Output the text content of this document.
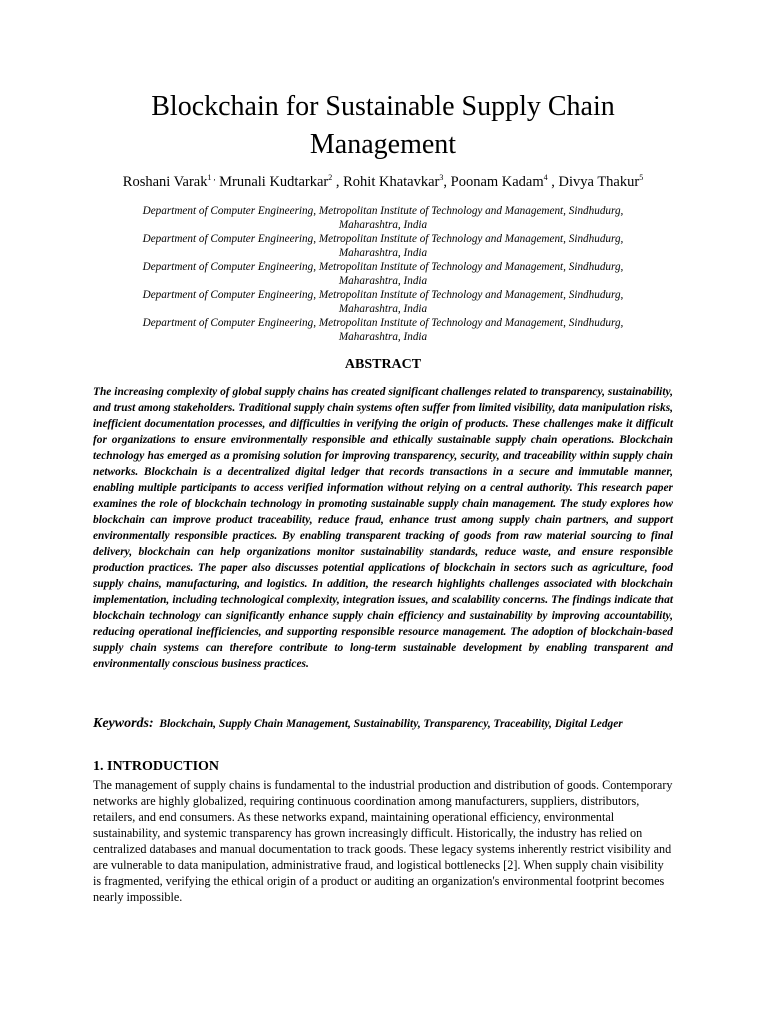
Blockchain for Sustainable Supply Chain Management
Roshani Varak$^{1 ,}$ Mrunali Kudtarkar$^2$ , Rohit Khatavkar$^3$, Poonam Kadam$^4$ , Divya Thakur$^5$

Department of Computer Engineering, Metropolitan Institute of Technology and Management, Sindhudurg,
Maharashtra, India

Department of Computer Engineering, Metropolitan Institute of Technology and Management, Sindhudurg,
Maharashtra, India

Department of Computer Engineering, Metropolitan Institute of Technology and Management, Sindhudurg,
Maharashtra, India

Department of Computer Engineering, Metropolitan Institute of Technology and Management, Sindhudurg,
Maharashtra, India

Department of Computer Engineering, Metropolitan Institute of Technology and Management, Sindhudurg,
Maharashtra, India

ABSTRACT

The increasing complexity of global supply chains has created significant challenges related to transparency, sustainability, and trust among stakeholders. Traditional supply chain systems often suffer from limited visibility, data manipulation risks, inefficient documentation processes, and difficulties in verifying the origin of products. These challenges make it difficult for organizations to ensure environmentally responsible and ethically sustainable supply chain operations. Blockchain technology has emerged as a promising solution for improving transparency, security, and traceability within supply chain networks. Blockchain is a decentralized digital ledger that records transactions in a secure and immutable manner, enabling multiple participants to access verified information without relying on a central authority. This research paper examines the role of blockchain technology in promoting sustainable supply chain management. The study explores how blockchain can improve product traceability, reduce fraud, enhance trust among supply chain partners, and support environmentally responsible practices. By enabling transparent tracking of goods from raw material sourcing to final delivery, blockchain can help organizations monitor sustainability standards, reduce waste, and ensure responsible production practices. The paper also discusses potential applications of blockchain in sectors such as agriculture, food supply chains, manufacturing, and logistics. In addition, the research highlights challenges associated with blockchain implementation, including technological complexity, integration issues, and scalability concerns. The findings indicate that blockchain technology can significantly enhance supply chain efficiency and sustainability by improving accountability, reducing operational inefficiencies, and supporting responsible resource management. The adoption of blockchain-based supply chain systems can therefore contribute to long-term sustainable development by enabling transparent and environmentally conscious business practices.

Keywords: Blockchain, Supply Chain Management, Sustainability, Transparency, Traceability, Digital Ledger

1. INTRODUCTION

The management of supply chains is fundamental to the industrial production and distribution of goods. Contemporary networks are highly globalized, requiring continuous coordination among manufacturers, suppliers, distributors, retailers, and end consumers. As these networks expand, maintaining operational efficiency, environmental sustainability, and systemic transparency has grown increasingly difficult. Historically, the industry has relied on centralized databases and manual documentation to track goods. These legacy systems inherently restrict visibility and are vulnerable to data manipulation, administrative fraud, and logistical bottlenecks [2]. When supply chain visibility is fragmented, verifying the ethical origin of a product or auditing an organization's environmental footprint becomes nearly impossible.
